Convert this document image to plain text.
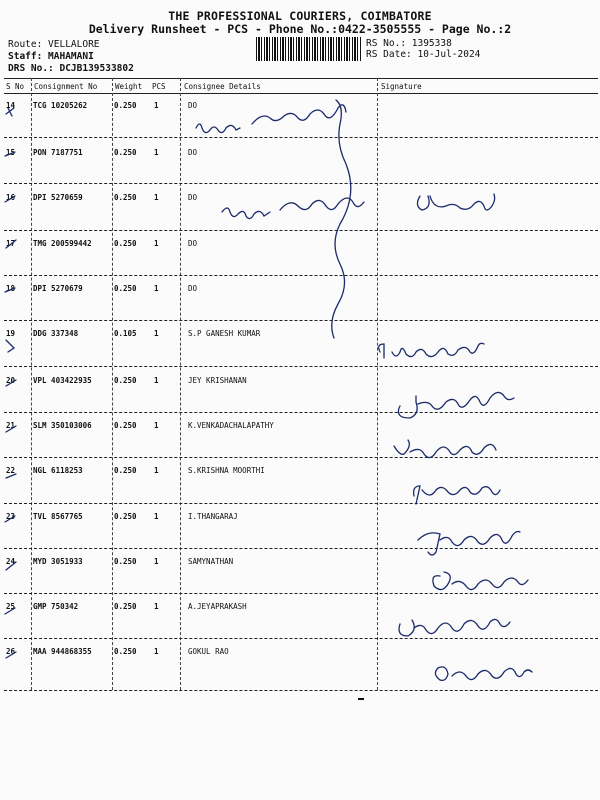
THE PROFESSIONAL COURIERS, COIMBATORE
Delivery Runsheet - PCS - Phone No.:0422-3505555 - Page No.:2
Route: VELLALORE
Staff: MAHAMANI
DRS No.: DCJB139533802
RS No.: 1395338
RS Date: 10-Jul-2024
S No Consignment No Weight PCS Consignee Details	Signature
14 TCG 10205262	0.250 1	DO
15 PON 7187751	0.250 1	DO
16 DPI 5270659	0.250 1	DO
17 TMG 200599442	0.250 1	DO
18 DPI 5270679	0.250 1	DO
19 DDG 337348	0.105 1	S.P GANESH KUMAR
20 VPL 403422935	0.250 1	JEY KRISHANAN
21 SLM 350103006	0.250 1	K.VENKADACHALAPATHY
22 NGL 6118253	0.250 1	S.KRISHNA MOORTHI
23 TVL 8567765	0.250 1	I.THANGARAJ
24 MYD 3051933	0.250 1	SAMYNATHAN
25 GMP 750342	0.250 1	A.JEYAPRAKASH
26 MAA 944868355	0.250 1	GOKUL RAO
